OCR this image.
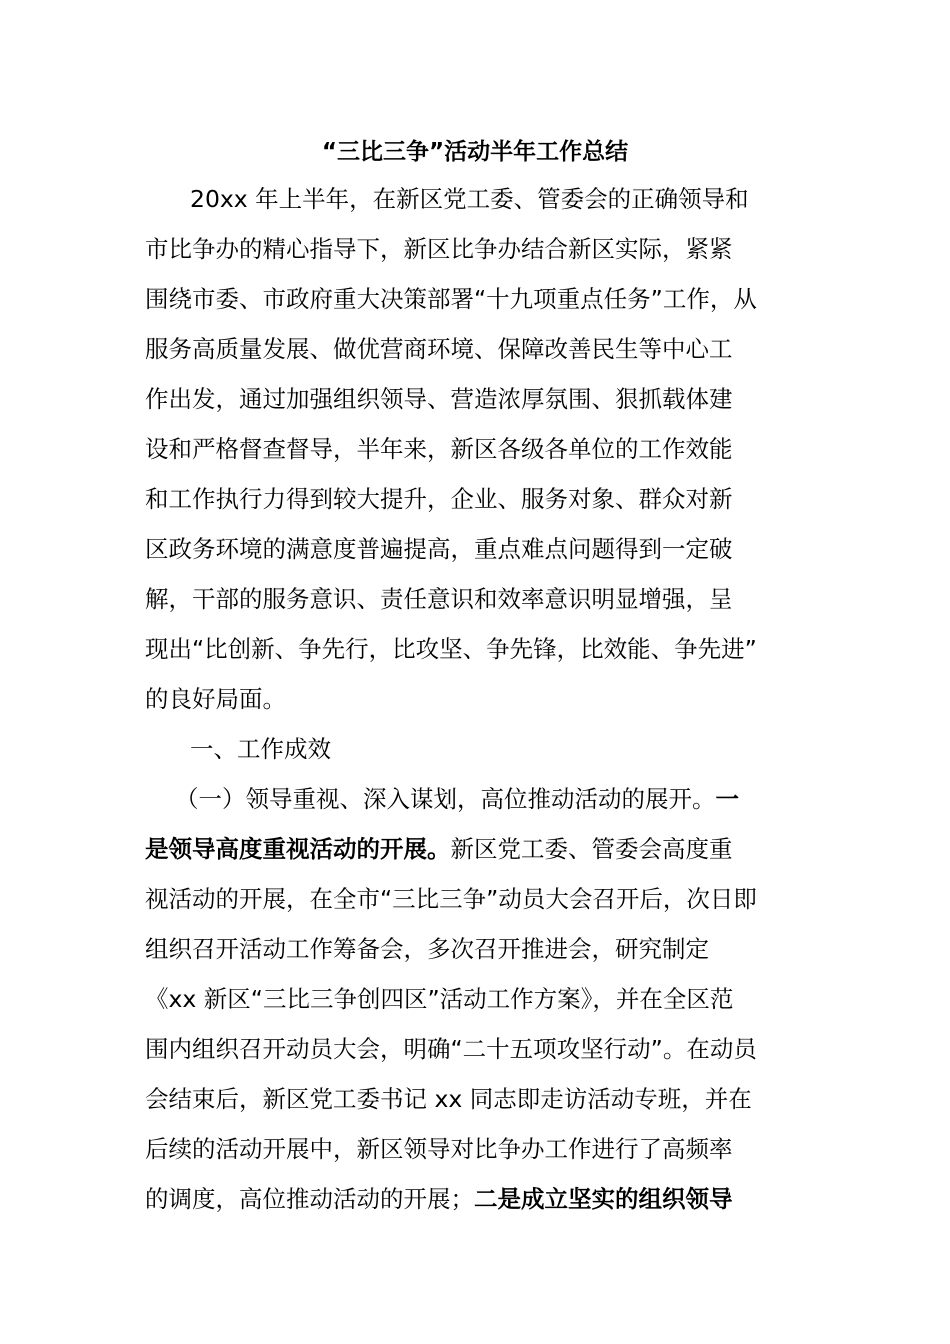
“三比三争”活动半年工作总结
20xx 年上半年，在新区党工委、管委会的正确领导和
市比争办的精心指导下，新区比争办结合新区实际，紧紧
围绕市委、市政府重大决策部署“十九项重点任务”工作，从
服务高质量发展、做优营商环境、保障改善民生等中心工
作出发，通过加强组织领导、营造浓厚氛围、狠抓载体建
设和严格督查督导，半年来，新区各级各单位的工作效能
和工作执行力得到较大提升，企业、服务对象、群众对新
区政务环境的满意度普遍提高，重点难点问题得到一定破
解，干部的服务意识、责任意识和效率意识明显增强，呈
现出“比创新、争先行，比攻坚、争先锋，比效能、争先进”
的良好局面。
一、工作成效
（一）领导重视、深入谋划，高位推动活动的展开。一
是领导高度重视活动的开展。新区党工委、管委会高度重
视活动的开展，在全市“三比三争”动员大会召开后，次日即
组织召开活动工作筹备会，多次召开推进会，研究制定
《xx 新区“三比三争创四区”活动工作方案》，并在全区范
围内组织召开动员大会，明确“二十五项攻坚行动”。在动员
会结束后，新区党工委书记 xx 同志即走访活动专班，并在
后续的活动开展中，新区领导对比争办工作进行了高频率
的调度，高位推动活动的开展；二是成立坚实的组织领导
